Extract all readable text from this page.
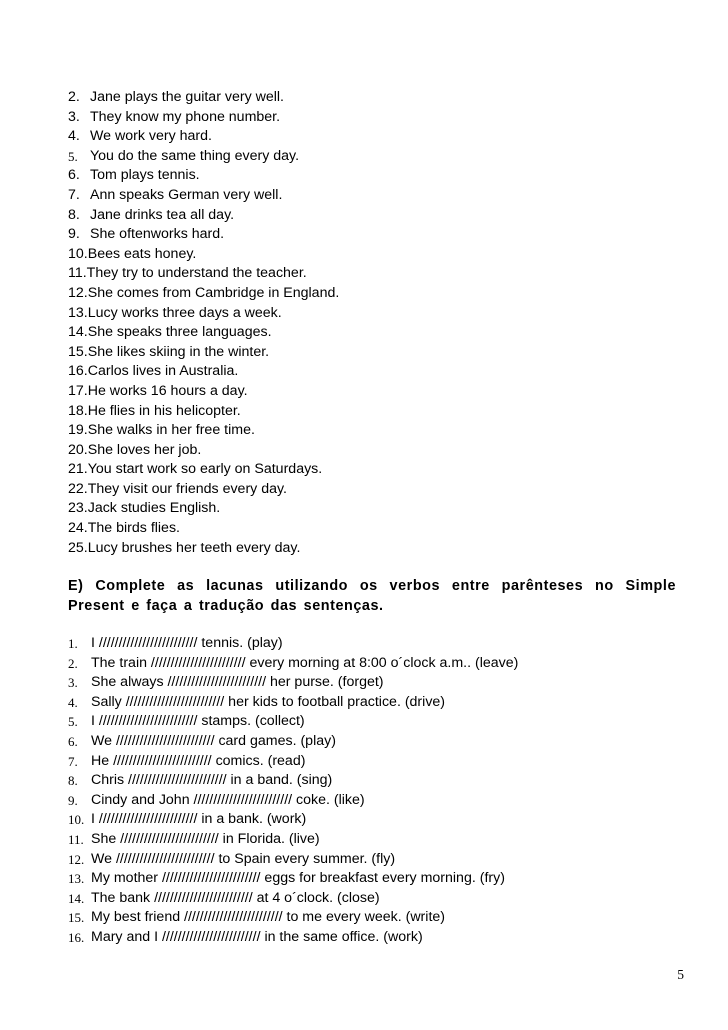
2. Jane plays the guitar very well.
3. They know my phone number.
4. We work very hard.
5. You do the same thing every day.
6. Tom plays tennis.
7. Ann speaks German very well.
8. Jane drinks tea all day.
9. She oftenworks hard.
10. Bees eats honey.
11. They try to understand the teacher.
12. She comes from Cambridge in England.
13. Lucy works three days a week.
14. She speaks three languages.
15. She likes skiing in the winter.
16. Carlos lives in Australia.
17. He works 16 hours a day.
18. He flies in his helicopter.
19. She walks in her free time.
20. She loves her job.
21. You start work so early on Saturdays.
22. They visit our friends every day.
23. Jack studies English.
24. The birds flies.
25. Lucy brushes her teeth every day.
E) Complete as lacunas utilizando os verbos entre parênteses no Simple Present e faça a tradução das sentenças.
1. I ///////////////////////// tennis. (play)
2. The train //////////////////////// every morning at 8:00 o´clock a.m.. (leave)
3. She always ///////////////////////// her purse. (forget)
4. Sally ///////////////////////// her kids to football practice. (drive)
5. I ///////////////////////// stamps. (collect)
6. We ///////////////////////// card games. (play)
7. He ///////////////////////// comics. (read)
8. Chris ///////////////////////// in a band. (sing)
9. Cindy and John ///////////////////////// coke. (like)
10. I ///////////////////////// in a bank. (work)
11. She ///////////////////////// in Florida. (live)
12. We ///////////////////////// to Spain every summer. (fly)
13. My mother ///////////////////////// eggs for breakfast every morning. (fry)
14. The bank ///////////////////////// at 4 o´clock. (close)
15. My best friend ///////////////////////// to me every week. (write)
16. Mary and I ///////////////////////// in the same office. (work)
5
